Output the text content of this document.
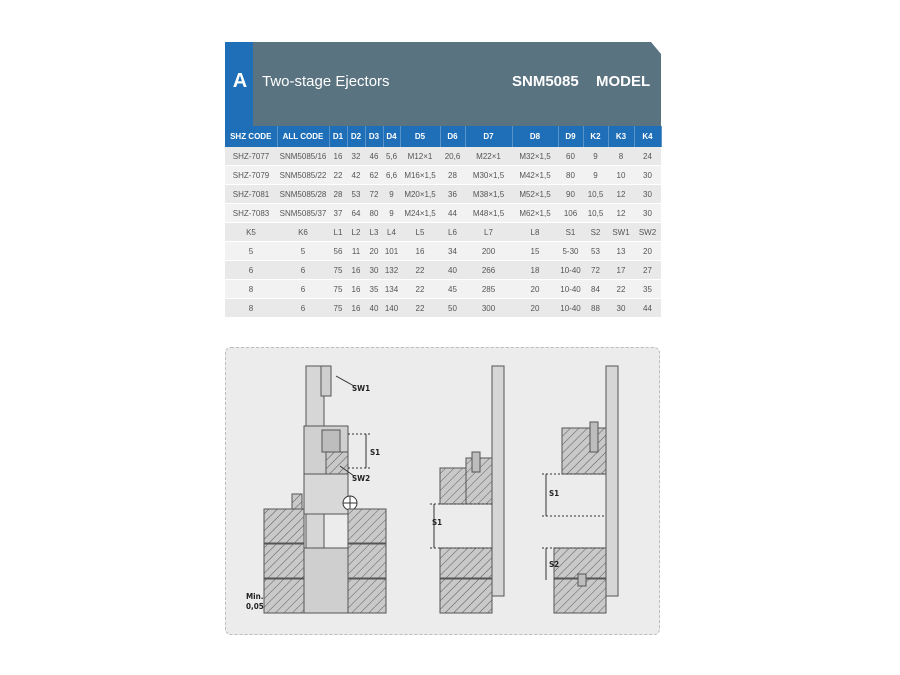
A Two-stage Ejectors	SNM5085 MODEL
SHZ CODE	ALL CODE	D1	D2	D3	D4	D5	D6	D7	D8	D9	K2	K3	K4
SHZ-7077	SNM5085/16	16	32	46	5,6	M12×1	20,6	M22×1	M32×1,5	60	9	8	24
SHZ-7079	SNM5085/22	22	42	62	6,6	M16×1,5	28	M30×1,5	M42×1,5	80	9	10	30
SHZ-7081	SNM5085/28	28	53	72	9	M20×1,5	36	M38×1,5	M52×1,5	90	10,5	12	30
SHZ-7083	SNM5085/37	37	64	80	9	M24×1,5	44	M48×1,5	M62×1,5	106	10,5	12	30
K5	K6	L1	L2	L3	L4	L5	L6	L7	L8	S1	S2	SW1	SW2
5	5	56	11	20	101	16	34	200	15	5-30	53	13	20
6	6	75	16	30	132	22	40	266	18	10-40	72	17	27
8	6	75	16	35	134	22	45	285	20	10-40	84	22	35
8	6	75	16	40	140	22	50	300	20	10-40	88	30	44
SW1
S1
SW2
Min.
0,05
S1
S1
S2
